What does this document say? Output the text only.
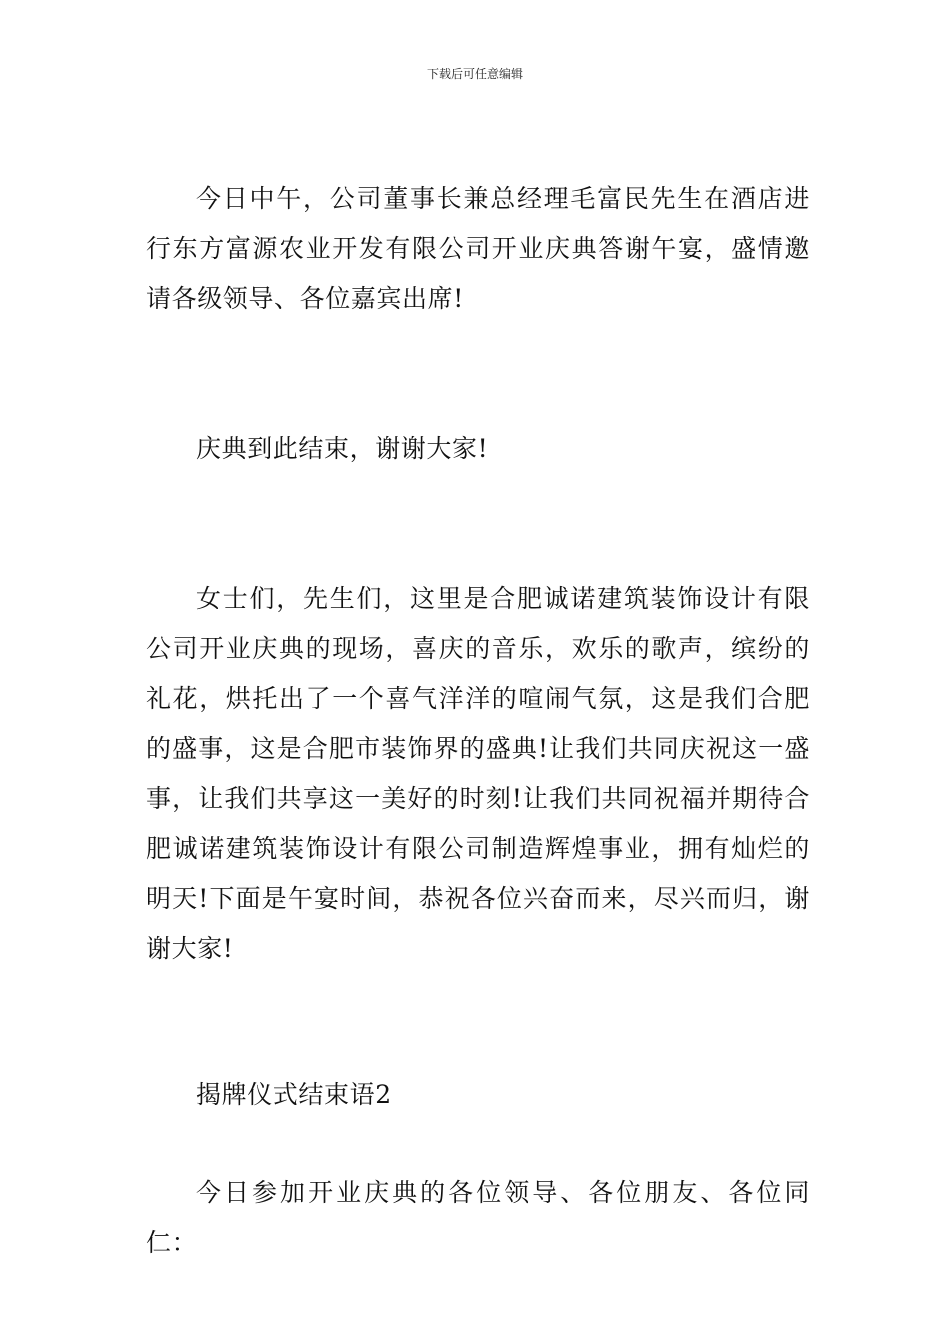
下载后可任意编辑

今日中午，公司董事长兼总经理毛富民先生在酒店进行东方富源农业开发有限公司开业庆典答谢午宴，盛情邀请各级领导、各位嘉宾出席!

庆典到此结束，谢谢大家!

女士们，先生们，这里是合肥诚诺建筑装饰设计有限公司开业庆典的现场，喜庆的音乐，欢乐的歌声，缤纷的礼花，烘托出了一个喜气洋洋的喧闹气氛，这是我们合肥的盛事，这是合肥市装饰界的盛典!让我们共同庆祝这一盛事，让我们共享这一美好的时刻!让我们共同祝福并期待合肥诚诺建筑装饰设计有限公司制造辉煌事业，拥有灿烂的明天!下面是午宴时间，恭祝各位兴奋而来，尽兴而归，谢谢大家!

揭牌仪式结束语2

今日参加开业庆典的各位领导、各位朋友、各位同仁：
